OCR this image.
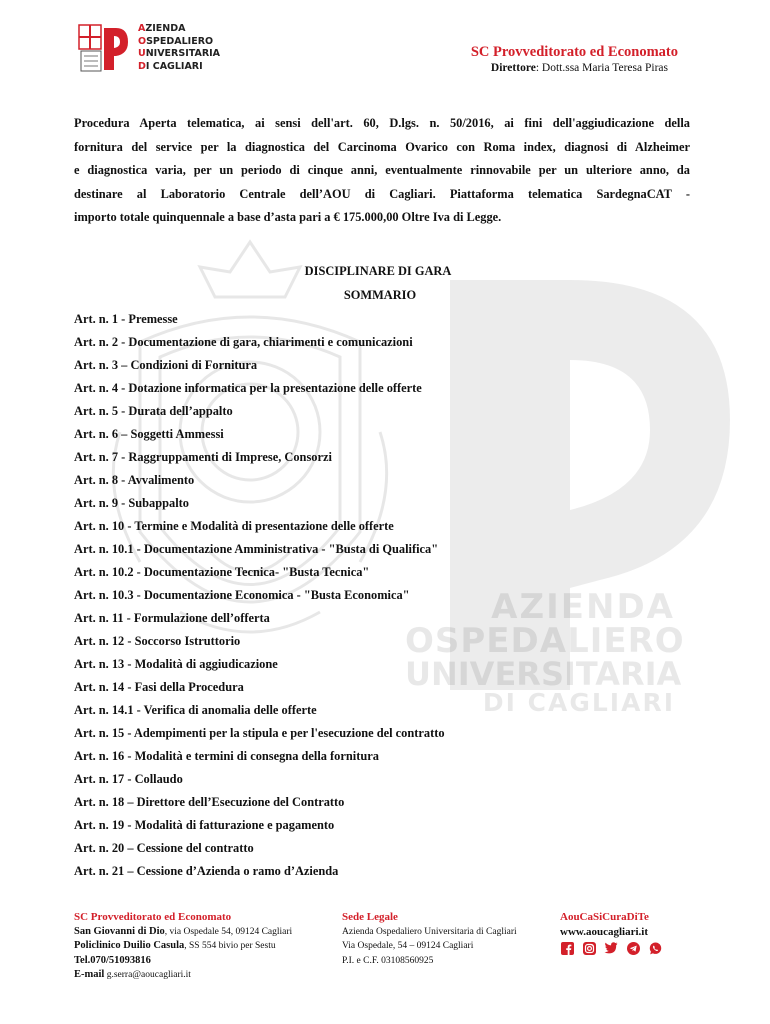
AZIENDA
OSPEDALIERO
UNIVERSITARIA
DI CAGLIARI
AZIENDA
OSPEDALIERO
UNIVERSITARIA
DI CAGLIARI
SC Provveditorato ed Economato
Direttore: Dott.ssa Maria Teresa Piras
Procedura Aperta telematica, ai sensi dell'art. 60, D.lgs. n. 50/2016, ai fini dell'aggiudicazione della
fornitura del service per la diagnostica del Carcinoma Ovarico con Roma index, diagnosi di Alzheimer
e diagnostica varia, per un periodo di cinque anni, eventualmente rinnovabile per un ulteriore anno, da
destinare al Laboratorio Centrale dell’AOU di Cagliari. Piattaforma telematica SardegnaCAT -
importo totale quinquennale a base d’asta pari a € 175.000,00 Oltre Iva di Legge.
DISCIPLINARE DI GARA
SOMMARIO
Art. n. 1 - Premesse
Art. n. 2 - Documentazione di gara, chiarimenti e comunicazioni
Art. n. 3 – Condizioni di Fornitura
Art. n. 4 - Dotazione informatica per la presentazione delle offerte
Art. n. 5 - Durata dell’appalto
Art. n. 6 – Soggetti Ammessi
Art. n. 7 - Raggruppamenti di Imprese, Consorzi
Art. n. 8 - Avvalimento
Art. n. 9 - Subappalto
Art. n. 10 - Termine e Modalità di presentazione delle offerte
Art. n. 10.1 - Documentazione Amministrativa - "Busta di Qualifica"
Art. n. 10.2 - Documentazione Tecnica- "Busta Tecnica"
Art. n. 10.3 - Documentazione Economica - "Busta Economica"
Art. n. 11 - Formulazione dell’offerta
Art. n. 12 - Soccorso Istruttorio
Art. n. 13 - Modalità di aggiudicazione
Art. n. 14 - Fasi della Procedura
Art. n. 14.1 - Verifica di anomalia delle offerte
Art. n. 15 - Adempimenti per la stipula e per l'esecuzione del contratto
Art. n. 16 - Modalità e termini di consegna della fornitura
Art. n. 17 - Collaudo
Art. n. 18 – Direttore dell’Esecuzione del Contratto
Art. n. 19 - Modalità di fatturazione e pagamento
Art. n. 20 – Cessione del contratto
Art. n. 21 – Cessione d’Azienda o ramo d’Azienda
SC Provveditorato ed Economato
San Giovanni di Dio, via Ospedale 54, 09124 Cagliari
Policlinico Duilio Casula, SS 554 bivio per Sestu
Tel.070/51093816
E-mail g.serra@aoucagliari.it
Sede Legale
Azienda Ospedaliero Universitaria di Cagliari
Via Ospedale, 54 – 09124 Cagliari
P.I. e C.F. 03108560925
AouCaSiCuraDiTe
www.aoucagliari.it
